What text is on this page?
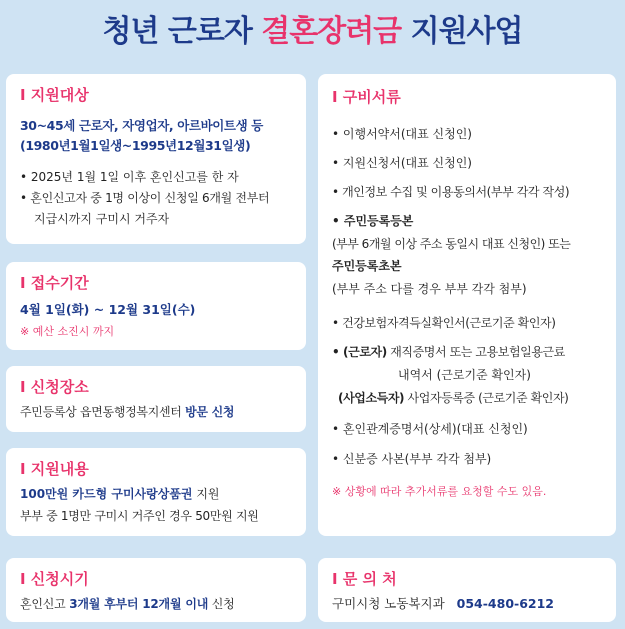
청년 근로자 결혼장려금 지원사업
I 지원대상
30~45세 근로자, 자영업자, 아르바이트생 등
(1980년1월1일생~1995년12월31일생)
• 2025년 1월 1일 이후 혼인신고를 한 자
• 혼인신고자 중 1명 이상이 신청일 6개월 전부터
지급시까지 구미시 거주자
I 접수기간
4월 1일(화) ~ 12월 31일(수)
※ 예산 소진시 까지
I 신청장소
주민등록상 읍면동행정복지센터 방문 신청
I 지원내용
100만원 카드형 구미사랑상품권 지원
부부 중 1명만 구미시 거주인 경우 50만원 지원
I 신청시기
혼인신고 3개월 후부터 12개월 이내 신청
I 구비서류
• 이행서약서(대표 신청인)
• 지원신청서(대표 신청인)
• 개인정보 수집 및 이용동의서(부부 각각 작성)
• 주민등록등본
(부부 6개월 이상 주소 동일시 대표 신청인) 또는
주민등록초본
(부부 주소 다를 경우 부부 각각 첨부)
• 건강보험자격득실확인서(근로기준 확인자)
• (근로자) 재직증명서 또는 고용보험일용근료
내역서 (근로기준 확인자)
(사업소득자) 사업자등록증 (근로기준 확인자)
• 혼인관계증명서(상세)(대표 신청인)
• 신분증 사본(부부 각각 첨부)
※ 상황에 따라 추가서류를 요청할 수도 있음.
I 문 의 처
구미시청 노동복지과 054-480-6212
